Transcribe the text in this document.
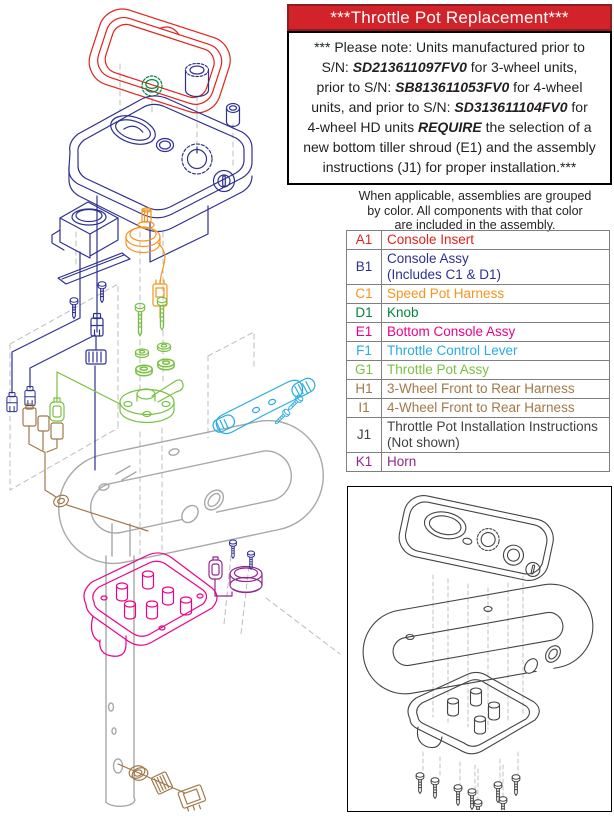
***Throttle Pot Replacement***
*** Please note: Units manufactured prior to
S/N: SD213611097FV0 for 3-wheel units,
prior to S/N: SB813611053FV0 for 4-wheel
units, and prior to S/N: SD313611104FV0 for
4-wheel HD units REQUIRE the selection of a
new bottom tiller shroud (E1) and the assembly
instructions (J1) for proper installation.***
When applicable, assemblies are grouped
by color. All components with that color
are included in the assembly.
A1	Console Insert
B1	Console Assy
(Includes C1 & D1)
C1	Speed Pot Harness
D1	Knob
E1	Bottom Console Assy
F1	Throttle Control Lever
G1	Throttle Pot Assy
H1	3-Wheel Front to Rear Harness
I1	4-Wheel Front to Rear Harness
J1	Throttle Pot Installation Instructions
(Not shown)
K1	Horn
